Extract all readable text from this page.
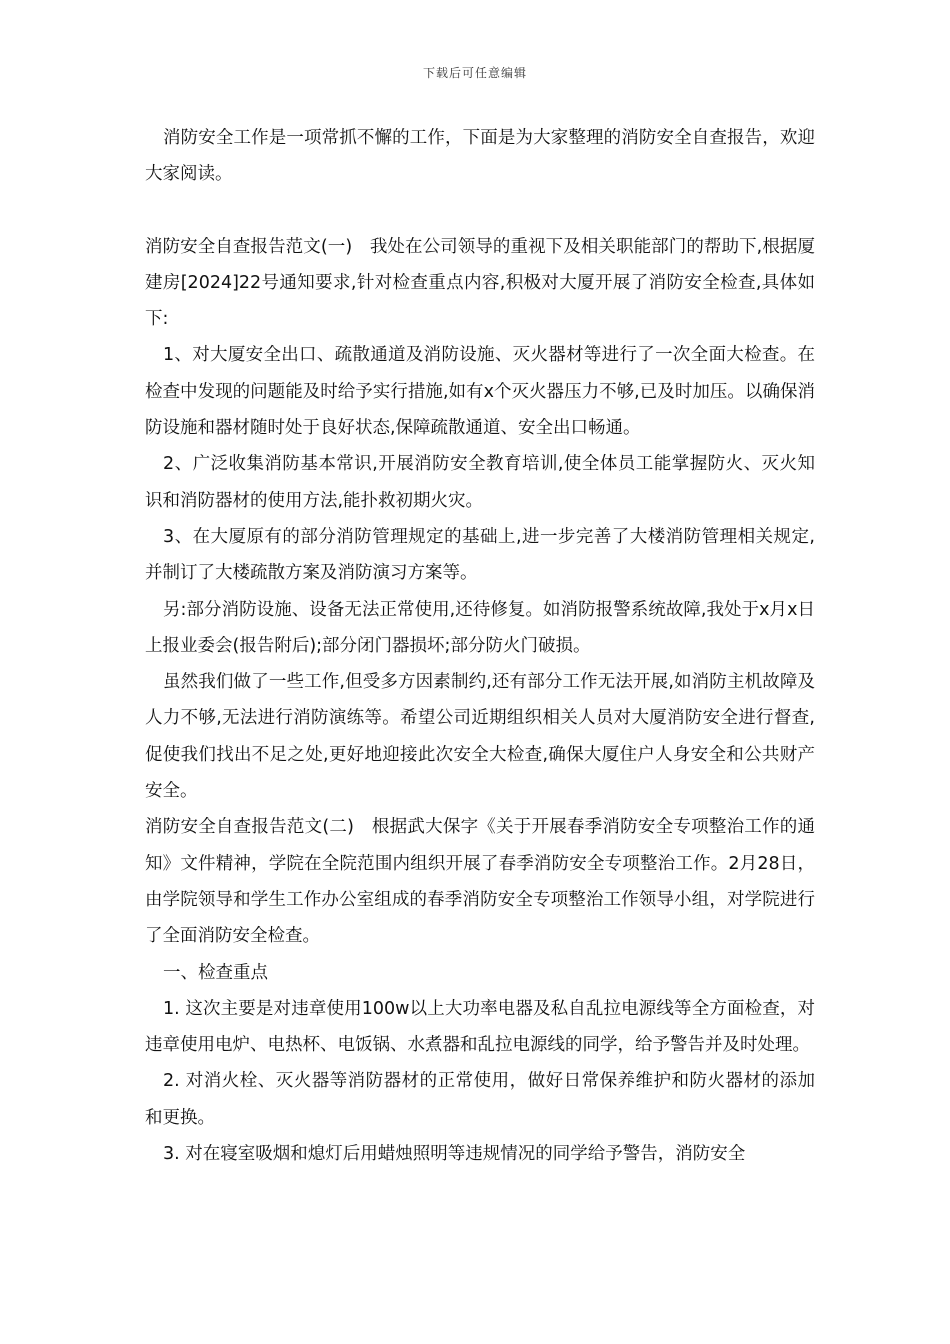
下载后可任意编辑

消防安全工作是一项常抓不懈的工作，下面是为大家整理的消防安全自查报告，欢迎大家阅读。

消防安全自查报告范文(一)　我处在公司领导的重视下及相关职能部门的帮助下,根据厦建房[2024]22号通知要求,针对检查重点内容,积极对大厦开展了消防安全检查,具体如下:

1、对大厦安全出口、疏散通道及消防设施、灭火器材等进行了一次全面大检查。在检查中发现的问题能及时给予实行措施,如有x个灭火器压力不够,已及时加压。以确保消防设施和器材随时处于良好状态,保障疏散通道、安全出口畅通。

2、广泛收集消防基本常识,开展消防安全教育培训,使全体员工能掌握防火、灭火知识和消防器材的使用方法,能扑救初期火灾。

3、在大厦原有的部分消防管理规定的基础上,进一步完善了大楼消防管理相关规定,并制订了大楼疏散方案及消防演习方案等。

另:部分消防设施、设备无法正常使用,还待修复。如消防报警系统故障,我处于x月x日上报业委会(报告附后);部分闭门器损坏;部分防火门破损。

虽然我们做了一些工作,但受多方因素制约,还有部分工作无法开展,如消防主机故障及人力不够,无法进行消防演练等。希望公司近期组织相关人员对大厦消防安全进行督查,促使我们找出不足之处,更好地迎接此次安全大检查,确保大厦住户人身安全和公共财产安全。

消防安全自查报告范文(二)　根据武大保字《关于开展春季消防安全专项整治工作的通知》文件精神，学院在全院范围内组织开展了春季消防安全专项整治工作。2月28日，由学院领导和学生工作办公室组成的春季消防安全专项整治工作领导小组，对学院进行了全面消防安全检查。

一、检查重点

1. 这次主要是对违章使用100w以上大功率电器及私自乱拉电源线等全方面检查，对违章使用电炉、电热杯、电饭锅、水煮器和乱拉电源线的同学，给予警告并及时处理。

2. 对消火栓、灭火器等消防器材的正常使用，做好日常保养维护和防火器材的添加和更换。

3. 对在寝室吸烟和熄灯后用蜡烛照明等违规情况的同学给予警告，消防安全
